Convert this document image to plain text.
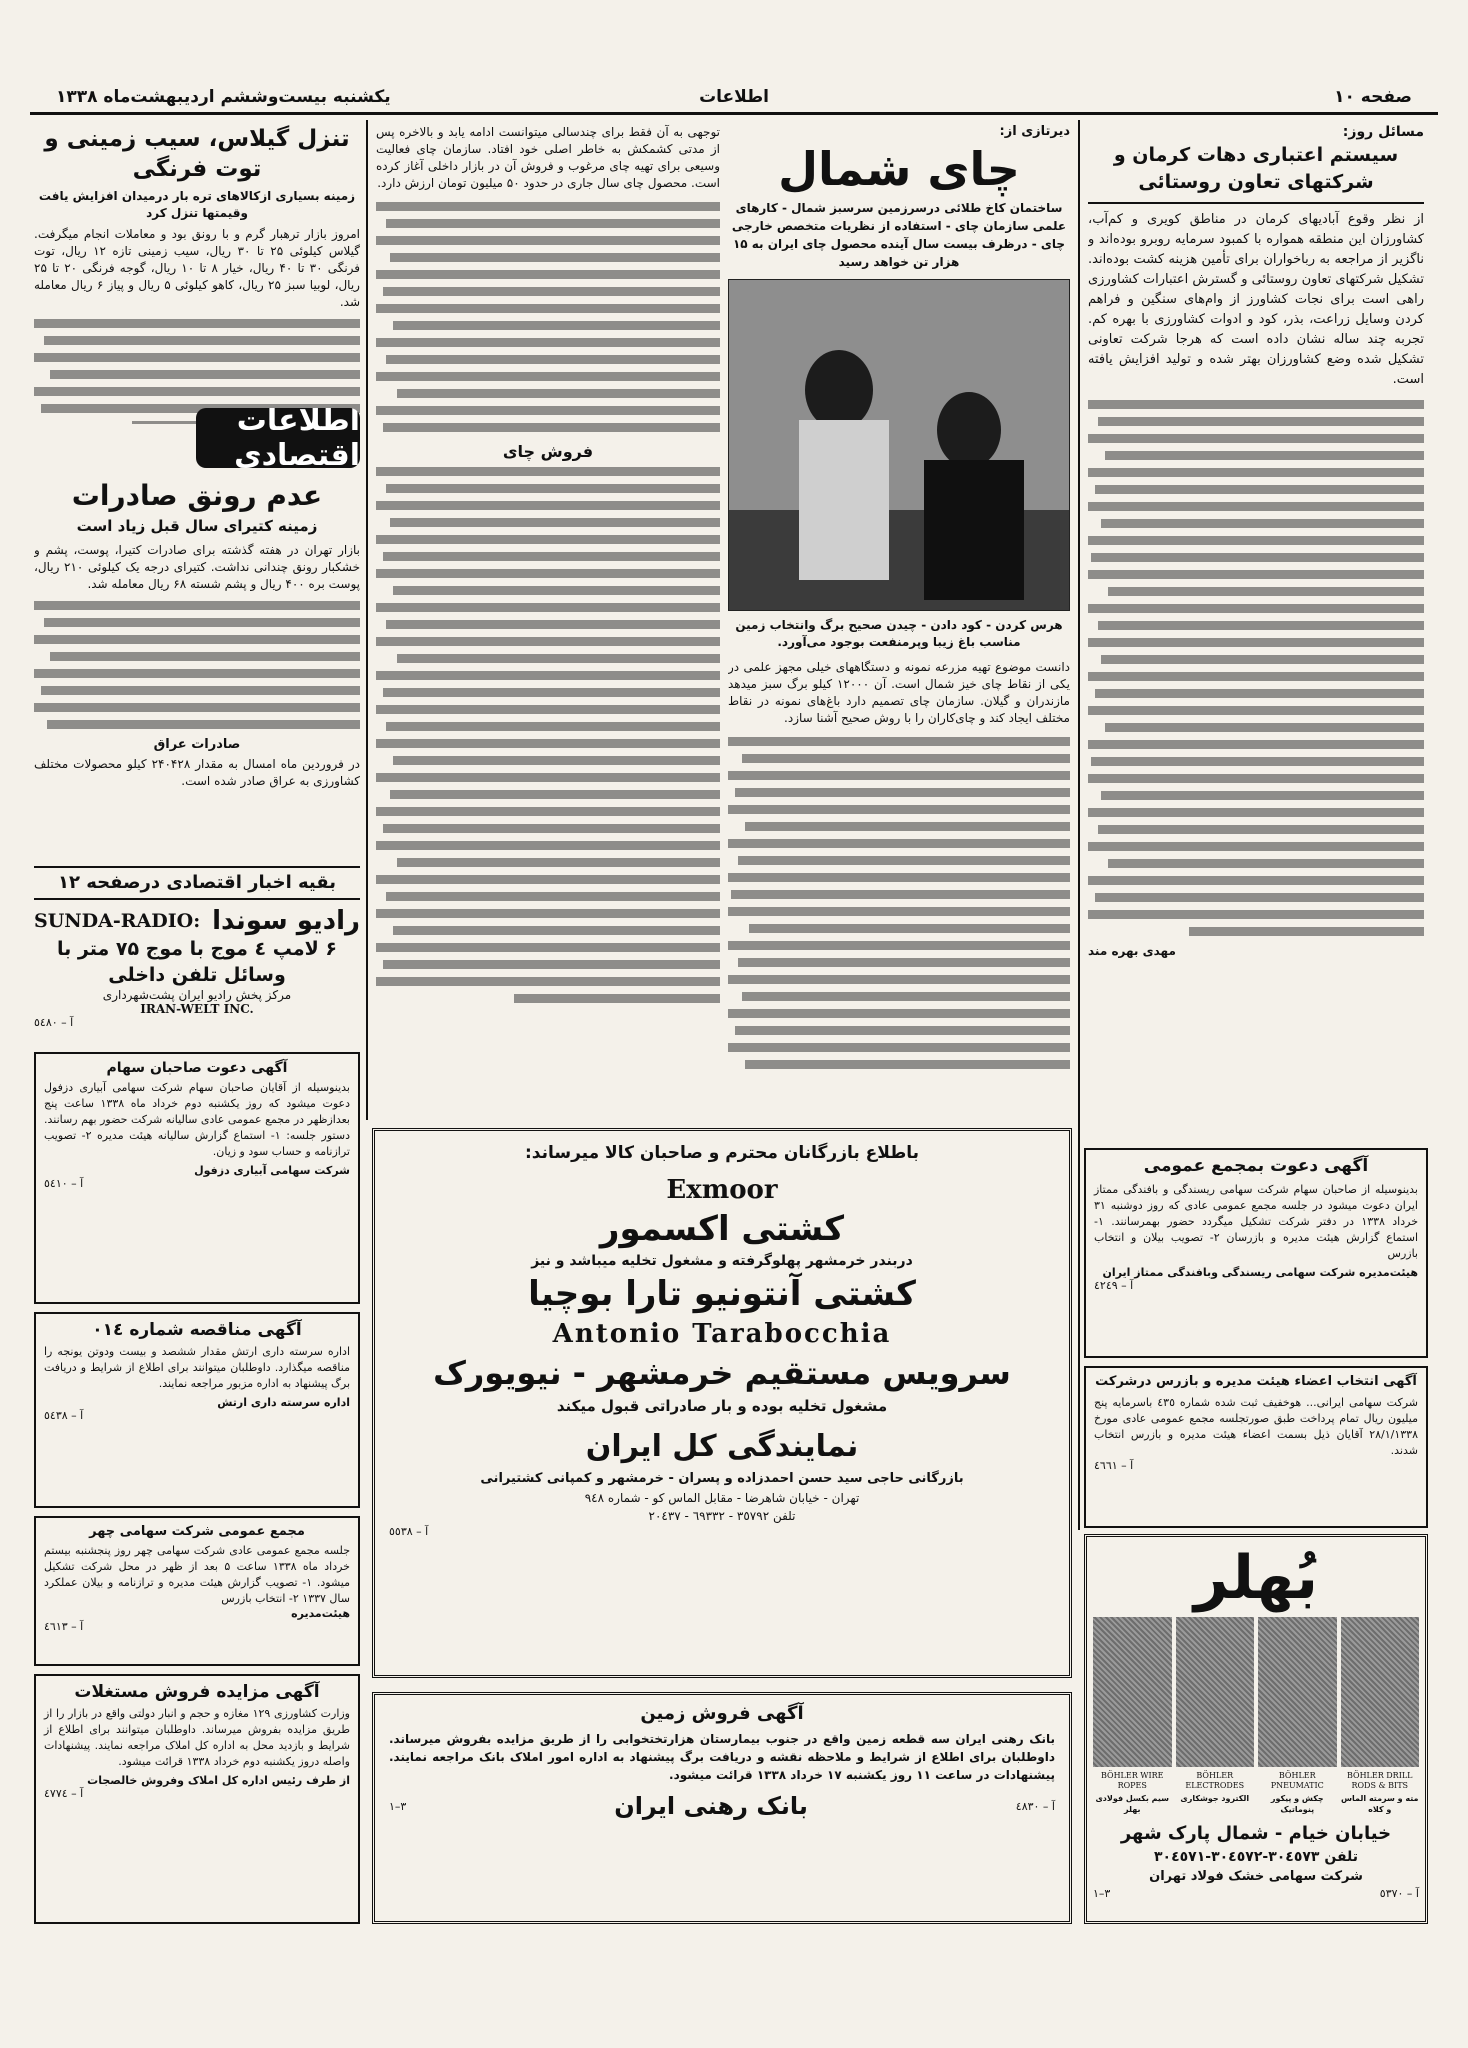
صفحه ۱۰
اطلاعات
یکشنبه بیست‌وششم اردیبهشت‌ماه ۱۳۳۸
مسائل روز:
سیستم اعتباری دهات کرمان و شرکتهای تعاون روستائی
از نظر وقوع آبادیهای کرمان در مناطق کویری و کم‌آب، کشاورزان این منطقه همواره با کمبود سرمایه روبرو بوده‌اند و ناگزیر از مراجعه به رباخواران برای تأمین هزینه کشت بوده‌اند. تشکیل شرکتهای تعاون روستائی و گسترش اعتبارات کشاورزی راهی است برای نجات کشاورز از وام‌های سنگین و فراهم کردن وسایل زراعت، بذر، کود و ادوات کشاورزی با بهره کم. تجربه چند ساله نشان داده است که هرجا شرکت تعاونی تشکیل شده وضع کشاورزان بهتر شده و تولید افزایش یافته است.
مهدی بهره مند
آگهی دعوت بمجمع عمومی
بدینوسیله از صاحبان سهام شرکت سهامی ریسندگی و بافندگی ممتاز ایران دعوت میشود در جلسه مجمع عمومی عادی که روز دوشنبه ۳۱ خرداد ۱۳۳۸ در دفتر شرکت تشکیل میگردد حضور بهمرسانند. ۱- استماع گزارش هیئت مدیره و بازرسان ۲- تصویب بیلان و انتخاب بازرس
هیئت‌مدیره شرکت سهامی ریسندگی وبافندگی ممتاز ایران
آ – ٤٢٤٩
آگهی انتخاب اعضاء هیئت مدیره و بازرس درشرکت
شرکت سهامی ایرانی... هوخفیف ثبت شده شماره ٤٣٥ باسرمایه پنج میلیون ریال تمام پرداخت طبق صورتجلسه مجمع عمومی عادی مورخ ٢٨/١/١٣٣٨ آقایان ذیل بسمت اعضاء هیئت مدیره و بازرس انتخاب شدند.
آ – ٤٦٦١
دیرتازی از:
چای شمال
ساختمان کاخ طلائی درسرزمین سرسبز شمال - کارهای علمی سازمان چای - استفاده از نظریات متخصص خارجی چای - درظرف بیست سال آینده محصول چای ایران به ۱۵ هزار تن خواهد رسید
هرس کردن - کود دادن - چیدن صحیح برگ وانتخاب زمین مناسب باغ زیبا وپرمنفعت بوجود می‌آورد.
دانست موضوع تهیه مزرعه نمونه و دستگاههای خیلی مجهز علمی در یکی از نقاط چای خیز شمال است. آن ۱۲۰۰۰ کیلو برگ سبز میدهد مازندران و گیلان. سازمان چای تصمیم دارد باغ‌های نمونه در نقاط مختلف ایجاد کند و چای‌کاران را با روش صحیح آشنا سازد.
توجهی به آن فقط برای چندسالی میتوانست ادامه یابد و بالاخره پس از مدتی کشمکش به خاطر اصلی خود افتاد. سازمان چای فعالیت وسیعی برای تهیه چای مرغوب و فروش آن در بازار داخلی آغاز کرده است. محصول چای سال جاری در حدود ۵۰ میلیون تومان ارزش دارد.
فروش چای
تنزل گیلاس، سیب زمینی و توت فرنگی
زمینه بسیاری ازکالاهای تره بار درمیدان افزایش یافت وقیمتها تنزل کرد
امروز بازار ترهبار گرم و با رونق بود و معاملات انجام میگرفت. گیلاس کیلوئی ۲۵ تا ۳۰ ریال، سیب زمینی تازه ۱۲ ریال، توت فرنگی ۳۰ تا ۴۰ ریال، خیار ۸ تا ۱۰ ریال، گوجه فرنگی ۲۰ تا ۲۵ ریال، لوبیا سبز ۲۵ ریال، کاهو کیلوئی ۵ ریال و پیاز ۶ ریال معامله شد.
اطلاعات اقتصادی
عدم رونق صادرات
زمینه کتیرای سال قبل زیاد است
بازار تهران در هفته گذشته برای صادرات کتیرا، پوست، پشم و خشکبار رونق چندانی نداشت. کتیرای درجه یک کیلوئی ۲۱۰ ریال، پوست بره ۴۰۰ ریال و پشم شسته ۶۸ ریال معامله شد.
صادرات عراق
در فروردین ماه امسال به مقدار ۲۴۰۴۲۸ کیلو محصولات مختلف کشاورزی به عراق صادر شده است.
بقیه اخبار اقتصادی درصفحه ۱۲
رادیو سوندا
SUNDA-RADIO:
۶ لامپ ٤ موج با موج ۷۵ متر با
وسائل تلفن داخلی
مرکز پخش رادیو ایران پشت‌شهرداری
IRAN-WELT INC.
آ – ٥٤٨٠
آگهی دعوت صاحبان سهام
بدینوسیله از آقایان صاحبان سهام شرکت سهامی آبیاری دزفول دعوت میشود که روز یکشنبه دوم خرداد ماه ۱۳۳۸ ساعت پنج بعدازظهر در مجمع عمومی عادی سالیانه شرکت حضور بهم رسانند. دستور جلسه: ۱- استماع گزارش سالیانه هیئت مدیره ۲- تصویب ترازنامه و حساب سود و زیان.
شرکت سهامی آبیاری دزفول
آ – ٥٤١٠
آگهی مناقصه شماره ۰۱٤
اداره سرسته داری ارتش مقدار ششصد و بیست ودوتن یونجه را مناقصه میگذارد. داوطلبان میتوانند برای اطلاع از شرایط و دریافت برگ پیشنهاد به اداره مزبور مراجعه نمایند.
اداره سرسته داری ارتش
آ – ٥٤٣٨
مجمع عمومی شرکت سهامی چهر
جلسه مجمع عمومی عادی شرکت سهامی چهر روز پنجشنبه بیستم خرداد ماه ۱۳۳۸ ساعت ۵ بعد از ظهر در محل شرکت تشکیل میشود. ۱- تصویب گزارش هیئت مدیره و ترازنامه و بیلان عملکرد سال ۱۳۳۷ ۲- انتخاب بازرس
هیئت‌مدیره
آ – ٤٦١٣
آگهی مزایده فروش مستغلات
وزارت کشاورزی ۱۲۹ مغازه و حجم و انبار دولتی واقع در بازار را از طریق مزایده بفروش میرساند. داوطلبان میتوانند برای اطلاع از شرایط و بازدید محل به اداره کل املاک مراجعه نمایند. پیشنهادات واصله دروز یکشنبه دوم خرداد ۱۳۳۸ قرائت میشود.
از طرف رئیس اداره کل املاک وفروش خالصجات
آ – ٤٧٧٤
باطلاع بازرگانان محترم و صاحبان کالا میرساند:
Exmoor
کشتی اکسمور
دربندر خرمشهر پهلوگرفته و مشغول تخلیه میباشد و نیز
کشتی آنتونیو تارا بوچیا
Antonio Tarabocchia
سرویس مستقیم خرمشهر - نیویورک
مشغول تخلیه بوده و بار صادراتی قبول میکند
نمایندگی کل ایران
بازرگانی حاجی سید حسن احمدزاده و پسران - خرمشهر و کمپانی کشتیرانی
تهران - خیابان شاهرضا - مقابل الماس کو - شماره ٩٤٨
تلفن ٣٥٧٩٢ - ٦٩٣٣٢ - ٢٠٤٣٧
آ – ٥٥٣٨
آگهی فروش زمین
بانک رهنی ایران سه قطعه زمین واقع در جنوب بیمارستان هزارتختخوابی را از طریق مزایده بفروش میرساند. داوطلبان برای اطلاع از شرایط و ملاحظه نقشه و دریافت برگ پیشنهاد به اداره امور املاک بانک مراجعه نمایند. پیشنهادات در ساعت ۱۱ روز یکشنبه ۱۷ خرداد ۱۳۳۸ قرائت میشود.
آ – ٤٨٣٠
بانک رهنی ایران
۳–۱
بُهلر
BÖHLER DRILL RODS & BITS
BÖHLER PNEUMATIC
BÖHLER ELECTRODES
BÖHLER WIRE ROPES
مته و سرمته الماس و کلاه
چکش و پیکور پنوماتیک
الکترود جوشکاری
سیم بکسل فولادی بهلر
خیابان خیام - شمال پارک شهر
تلفن ٣٠٤٥٧٣-٣٠٤٥٧٢-٣٠٤٥٧١
شرکت سهامی خشک فولاد تهران
آ – ٥٣٧٠
۳–۱
